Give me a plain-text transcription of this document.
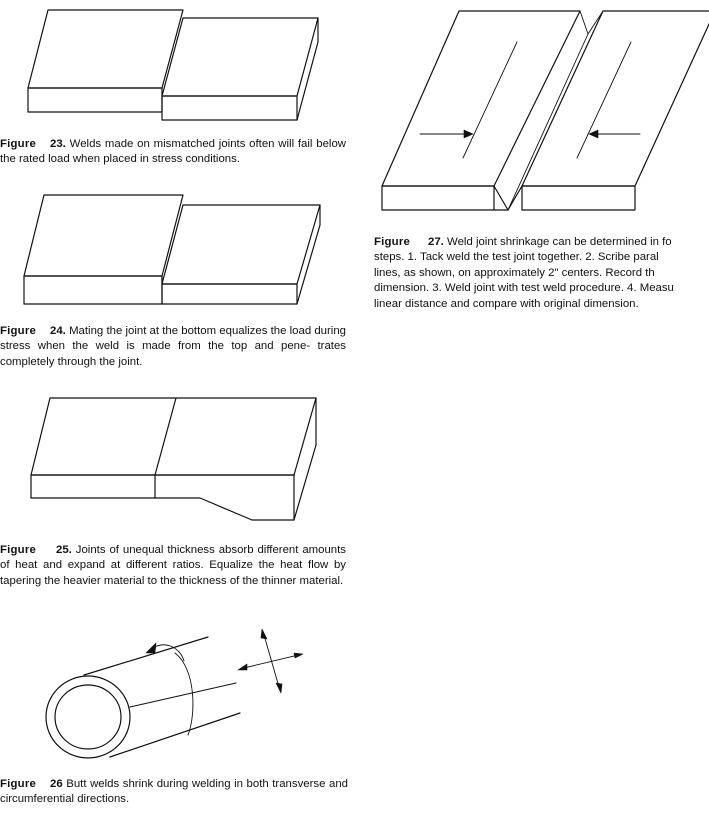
Figure 23. Welds made on mismatched joints often will fail below the rated load when placed in stress conditions.

Figure 24. Mating the joint at the bottom equalizes the load during stress when the weld is made from the top and pene- trates completely through the joint.

Figure 25. Joints of unequal thickness absorb different amounts of heat and expand at different ratios. Equalize the heat flow by tapering the heavier material to the thickness of the thinner material.

Figure 26 Butt welds shrink during welding in both transverse and circumferential directions.

Figure 27. Weld joint shrinkage can be determined in fo
steps. 1. Tack weld the test joint together. 2. Scribe paral
lines, as shown, on approximately 2" centers. Record th
dimension. 3. Weld joint with test weld procedure. 4. Measu
linear distance and compare with original dimension.
